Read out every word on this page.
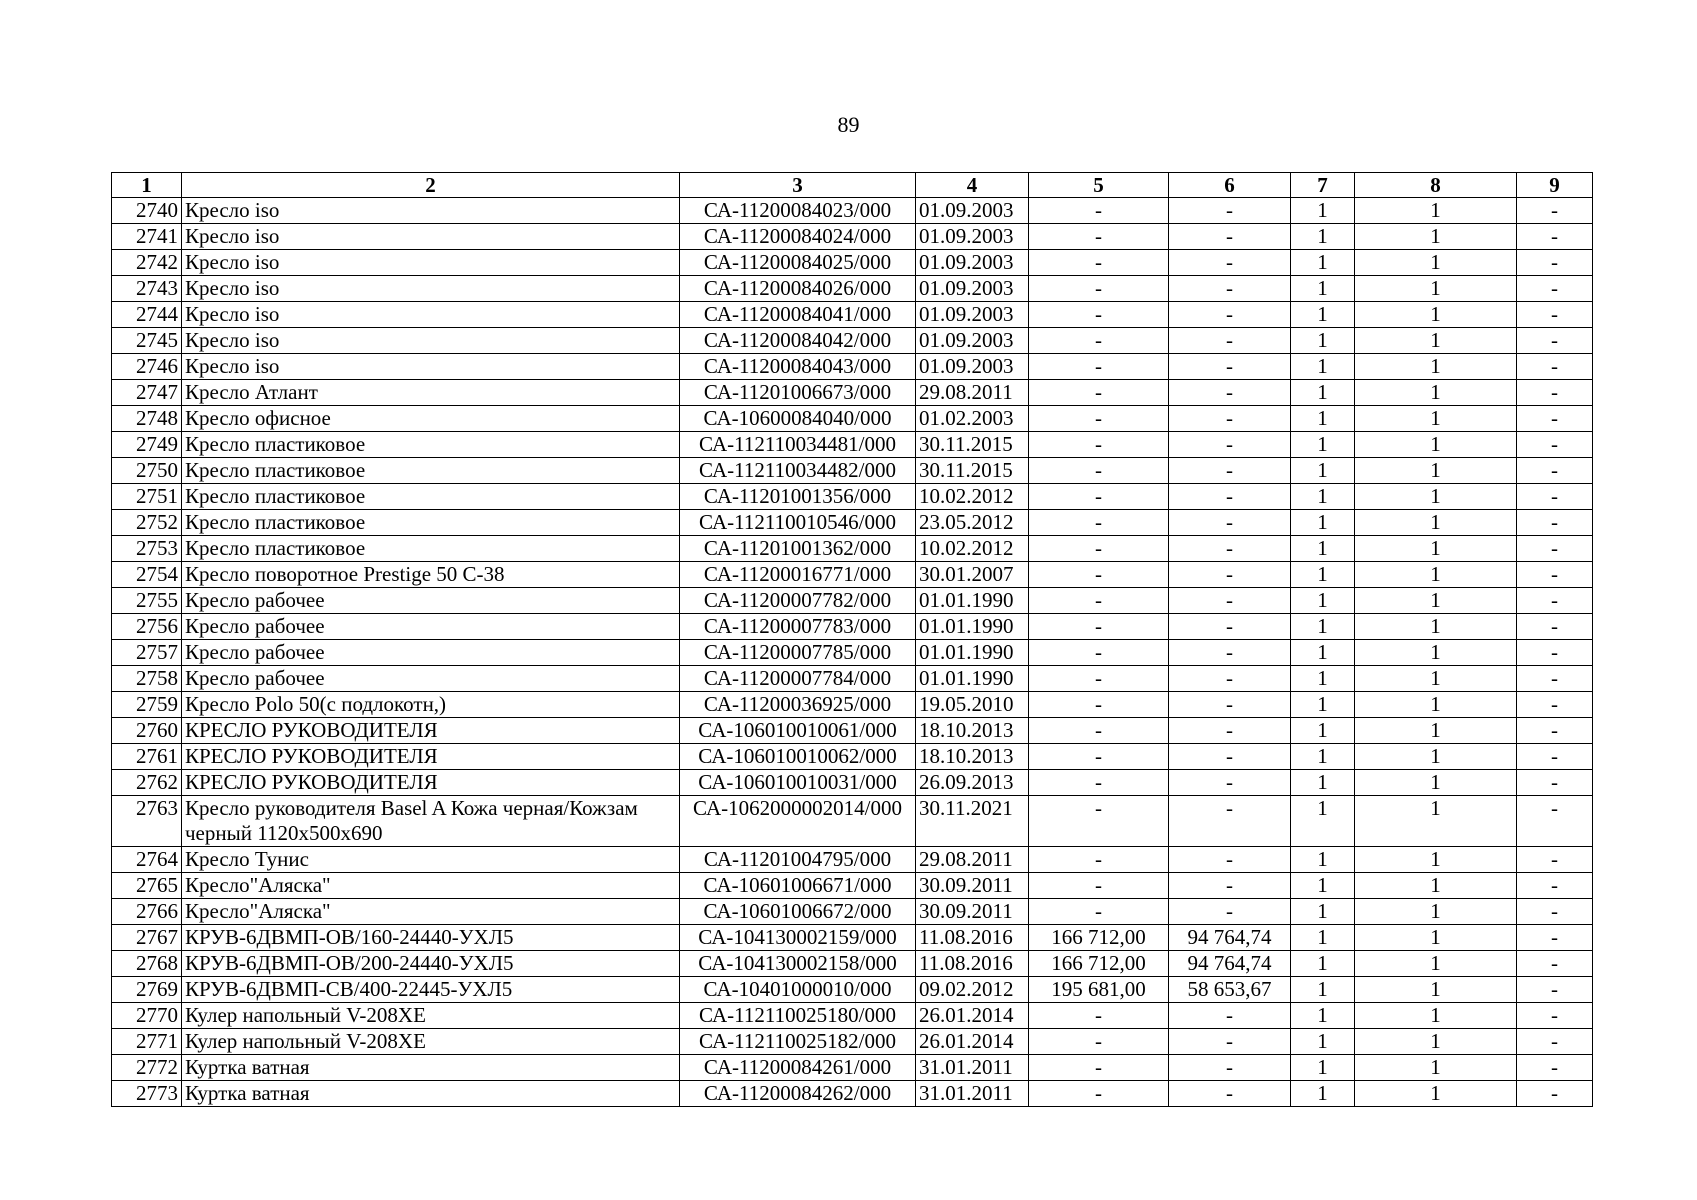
89
1	2	3	4	5	6	7	8	9
2740	Кресло iso	СА-11200084023/000	01.09.2003	-	-	1	1	-
2741	Кресло iso	СА-11200084024/000	01.09.2003	-	-	1	1	-
2742	Кресло iso	СА-11200084025/000	01.09.2003	-	-	1	1	-
2743	Кресло iso	СА-11200084026/000	01.09.2003	-	-	1	1	-
2744	Кресло iso	СА-11200084041/000	01.09.2003	-	-	1	1	-
2745	Кресло iso	СА-11200084042/000	01.09.2003	-	-	1	1	-
2746	Кресло iso	СА-11200084043/000	01.09.2003	-	-	1	1	-
2747	Кресло Атлант	СА-11201006673/000	29.08.2011	-	-	1	1	-
2748	Кресло офисное	СА-10600084040/000	01.02.2003	-	-	1	1	-
2749	Кресло пластиковое	СА-112110034481/000	30.11.2015	-	-	1	1	-
2750	Кресло пластиковое	СА-112110034482/000	30.11.2015	-	-	1	1	-
2751	Кресло пластиковое	СА-11201001356/000	10.02.2012	-	-	1	1	-
2752	Кресло пластиковое	СА-112110010546/000	23.05.2012	-	-	1	1	-
2753	Кресло пластиковое	СА-11201001362/000	10.02.2012	-	-	1	1	-
2754	Кресло поворотное Prestige 50 С-38	СА-11200016771/000	30.01.2007	-	-	1	1	-
2755	Кресло рабочее	СА-11200007782/000	01.01.1990	-	-	1	1	-
2756	Кресло рабочее	СА-11200007783/000	01.01.1990	-	-	1	1	-
2757	Кресло рабочее	СА-11200007785/000	01.01.1990	-	-	1	1	-
2758	Кресло рабочее	СА-11200007784/000	01.01.1990	-	-	1	1	-
2759	Кресло Polo 50(с подлокотн,)	СА-11200036925/000	19.05.2010	-	-	1	1	-
2760	КРЕСЛО РУКОВОДИТЕЛЯ	СА-106010010061/000	18.10.2013	-	-	1	1	-
2761	КРЕСЛО РУКОВОДИТЕЛЯ	СА-106010010062/000	18.10.2013	-	-	1	1	-
2762	КРЕСЛО РУКОВОДИТЕЛЯ	СА-106010010031/000	26.09.2013	-	-	1	1	-
2763	Кресло руководителя Basel A Кожа черная/Кожзам черный 1120х500х690	СА-1062000002014/000	30.11.2021	-	-	1	1	-
2764	Кресло Тунис	СА-11201004795/000	29.08.2011	-	-	1	1	-
2765	Кресло"Аляска"	СА-10601006671/000	30.09.2011	-	-	1	1	-
2766	Кресло"Аляска"	СА-10601006672/000	30.09.2011	-	-	1	1	-
2767	КРУВ-6ДВМП-ОВ/160-24440-УХЛ5	СА-104130002159/000	11.08.2016	166 712,00	94 764,74	1	1	-
2768	КРУВ-6ДВМП-ОВ/200-24440-УХЛ5	СА-104130002158/000	11.08.2016	166 712,00	94 764,74	1	1	-
2769	КРУВ-6ДВМП-СВ/400-22445-УХЛ5	СА-10401000010/000	09.02.2012	195 681,00	58 653,67	1	1	-
2770	Кулер напольный V-208XE	СА-112110025180/000	26.01.2014	-	-	1	1	-
2771	Кулер напольный V-208XE	СА-112110025182/000	26.01.2014	-	-	1	1	-
2772	Куртка ватная	СА-11200084261/000	31.01.2011	-	-	1	1	-
2773	Куртка ватная	СА-11200084262/000	31.01.2011	-	-	1	1	-
